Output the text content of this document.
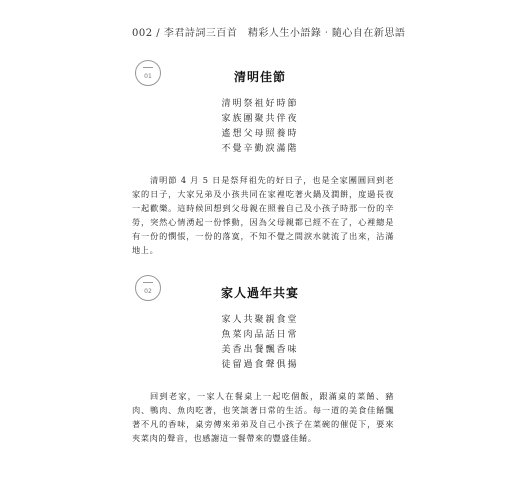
002 / 李君詩詞三百首　精彩人生小語錄‧隨心自在新思語
01	清明佳節
清明祭祖好時節
家族團聚共伴夜
遙想父母照養時
不覺辛勤淚滿階
清明節 4 月 5 日是祭拜祖先的好日子，也是全家團圓回到老家的日子，大家兄弟及小孩共同在家裡吃著火鍋及潤餅，度過長夜一起歡樂。這時候回想到父母親在照養自己及小孩子時那一份的辛勞，突然心情湧起一份悸動，因為父母親都已經不在了，心裡總是有一份的憫悵，一份的落寞，不知不覺之間淚水就流了出來，沾滿地上。
02	家人過年共宴
家人共聚親食堂
魚菜肉品話日常
美香出餐飄香味
徒留過食聲俱揚
回到老家，一家人在餐桌上一起吃個飯，跟滿桌的菜餚、豬肉、鴨肉、魚肉吃著，也笑談著日常的生活。每一道的美食佳餚飄著不凡的香味，桌旁傳來弟弟及自己小孩子在菜碗的催促下，要來夾菜肉的聲音，也感謝這一餐帶來的豐盛佳餚。
